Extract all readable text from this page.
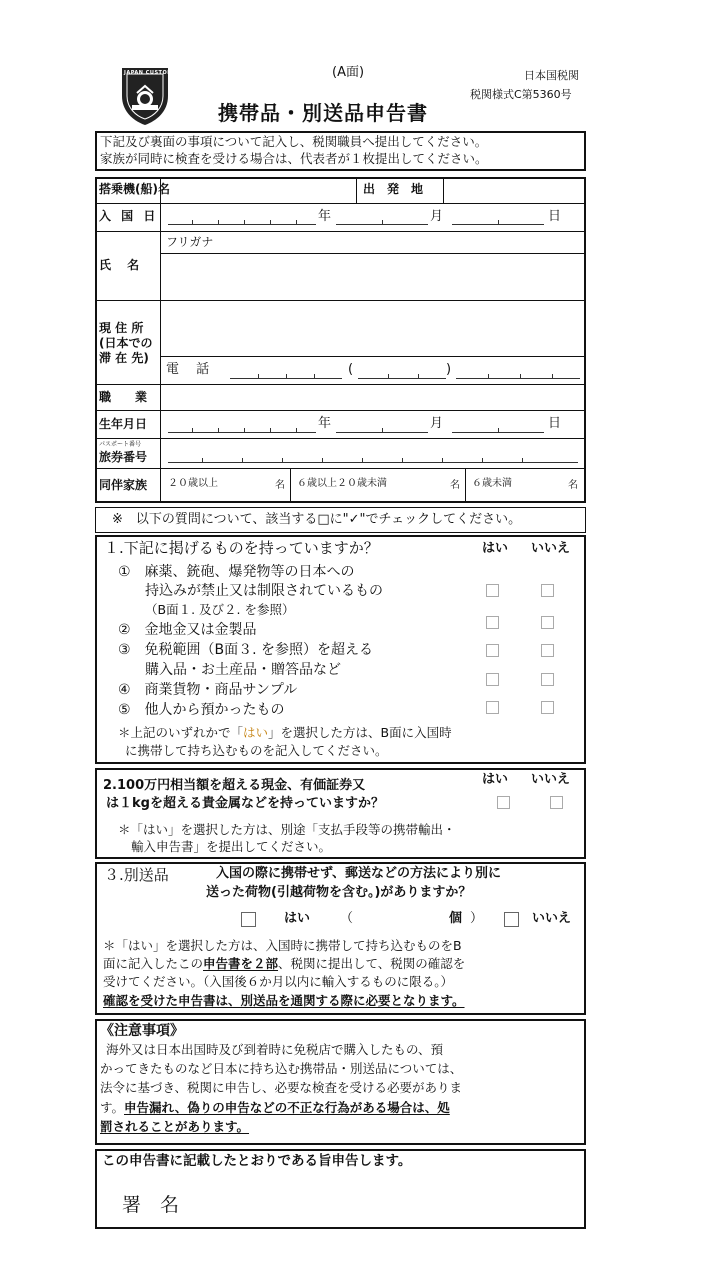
JAPAN CUSTOMS	(A面)
携帯品・別送品申告書
日本国税関
税関様式C第5360号
下記及び裏面の事項について記入し、税関職員へ提出してください。
家族が同時に検査を受ける場合は、代表者が１枚提出してください。
搭乗機(船)名	出　発　地
入 国 日	年	月	日
フリガナ
氏　 名
現 住 所
(日本での
滞 在 先)
電　 話	(	)
職　　業
生年月日	年	月	日
パスポート番号
旅券番号
同伴家族 ２０歳以上	名 ６歳以上２０歳未満	名 ６歳未満	名
※　以下の質問について、該当する□に"✓"でチェックしてください。
１.下記に掲げるものを持っていますか？	はい いいえ
①　麻薬、銃砲、爆発物等の日本への
持込みが禁止又は制限されているもの
（B面１. 及び２. を参照）
②　金地金又は金製品
③　免税範囲（B面３. を参照）を超える
購入品・お土産品・贈答品など
④　商業貨物・商品サンプル
⑤　他人から預かったもの
＊上記のいずれかで「はい」を選択した方は、B面に入国時
に携帯して持ち込むものを記入してください。
2.100万円相当額を超える現金、有価証券又
は１kgを超える貴金属などを持っていますか？
はい いいえ
＊「はい」を選択した方は、別途「支払手段等の携帯輸出・
輸入申告書」を提出してください。
３.別送品	入国の際に携帯せず、郵送などの方法により別に
送った荷物(引越荷物を含む。)がありますか？
はい （	個 ）	いいえ
＊「はい」を選択した方は、入国時に携帯して持ち込むものをB
面に記入したこの申告書を２部、税関に提出して、税関の確認を
受けてください。（入国後６か月以内に輸入するものに限る。）
確認を受けた申告書は、別送品を通関する際に必要となります。
《注意事項》
海外又は日本出国時及び到着時に免税店で購入したもの、預
かってきたものなど日本に持ち込む携帯品・別送品については、
法令に基づき、税関に申告し、必要な検査を受ける必要がありま
す。申告漏れ、偽りの申告などの不正な行為がある場合は、処
罰されることがあります。
この申告書に記載したとおりである旨申告します。
署　名
